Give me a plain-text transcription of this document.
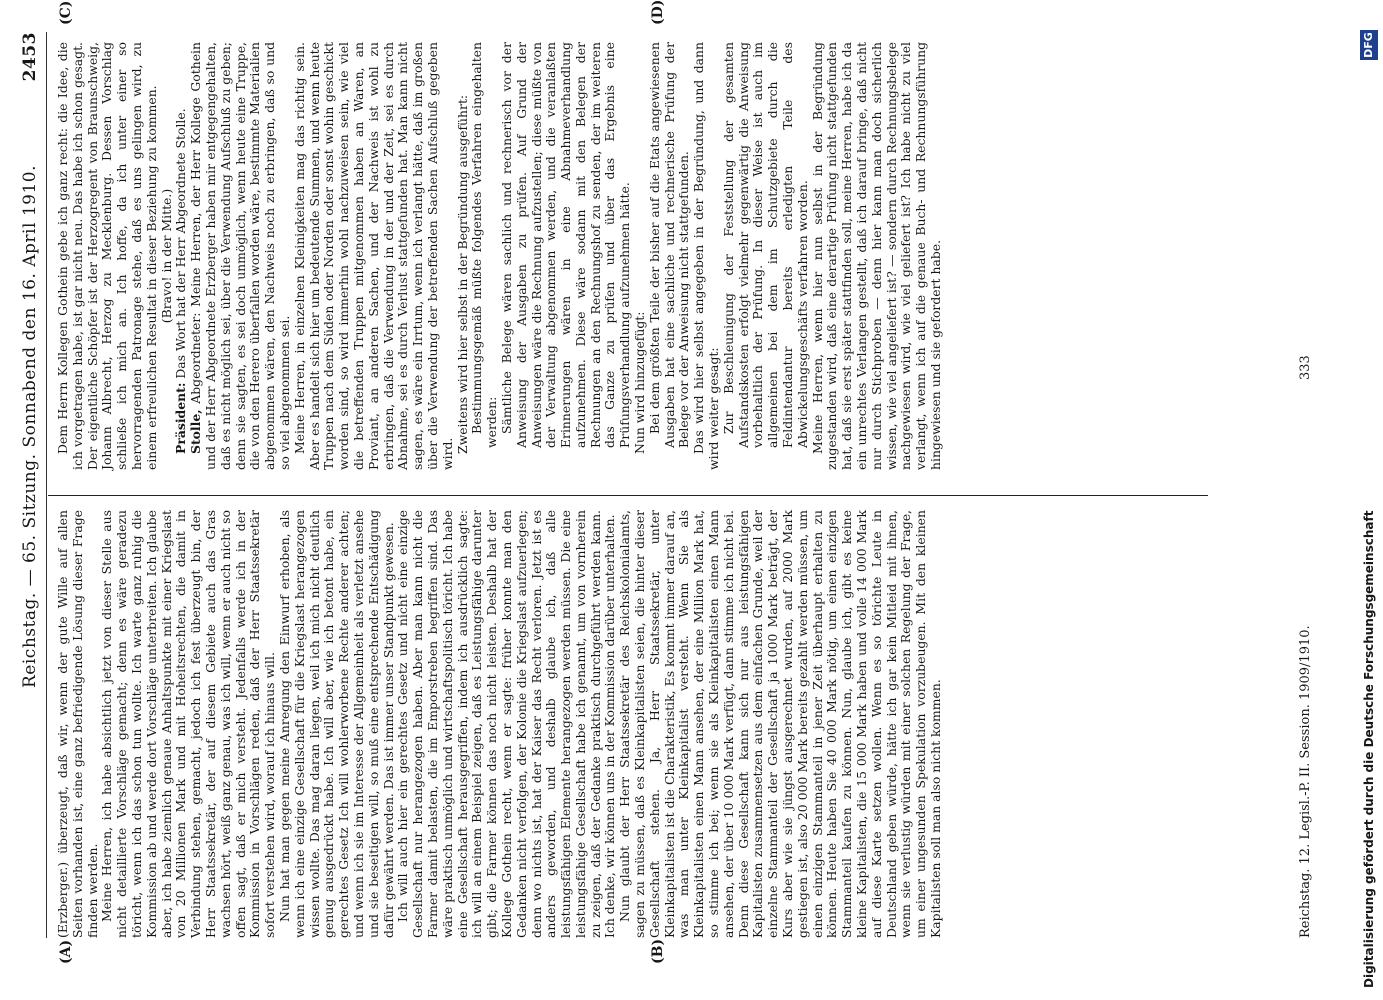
Reichstag. — 65. Sitzung. Sonnabend den 16. April 1910.
2453
(A)	(B)
(C)	(D)

(Erzberger.) überzeugt, daß wir, wenn der gute Wille auf allen Seiten vorhanden ist, eine ganz befriedigende Lösung dieser Frage finden werden. Meine Herren, ich habe absichtlich jetzt von dieser Stelle aus nicht detaillierte Vorschläge gemacht; denn es wäre geradezu töricht, wenn ich das schon tun wollte. Ich warte ganz ruhig die Kommission ab und werde dort Vorschläge unterbreiten. Ich glaube aber, ich habe ziemlich genaue Anhaltspunkte mit einer Kriegslast von 20 Millionen Mark und mit Hoheitsrechten, die damit in Verbindung stehen, gemacht, jedoch ich fest überzeugt bin, der Herr Staatssekretär, der auf diesem Gebiete auch das Gras wachsen hört, weiß ganz genau, was ich will, wenn er auch nicht so offen sagt, daß er mich versteht. Jedenfalls werde ich in der Kommission in Vorschlägen reden, daß der Herr Staatssekretär sofort verstehen wird, worauf ich hinaus will. Nun hat man gegen meine Anregung den Einwurf erhoben, als wenn ich eine einzige Gesellschaft für die Kriegslast herangezogen wissen wollte. Das mag daran liegen, weil ich mich nicht deutlich genug ausgedrückt habe. Ich will aber, wie ich betont habe, ein gerechtes Gesetz Ich will wohlerworbene Rechte anderer achten; und wenn ich sie im Interesse der Allgemeinheit als verletzt ansehe und sie beseitigen will, so muß eine entsprechende Entschädigung dafür gewährt werden. Das ist immer unser Standpunkt gewesen. Ich will auch hier ein gerechtes Gesetz und nicht eine einzige Gesellschaft nur herangezogen haben. Aber man kann nicht die Farmer damit belasten, die im Emporstreben begriffen sind. Das wäre praktisch unmöglich und wirtschaftspolitisch töricht. Ich habe eine Gesellschaft herausgegriffen, indem ich ausdrücklich sagte: ich will an einem Beispiel zeigen, daß es Leistungsfähige darunter gibt; die Farmer können das noch nicht leisten. Deshalb hat der Kollege Gothein recht, wenn er sagte: früher konnte man den Gedanken nicht verfolgen, der Kolonie die Kriegslast aufzuerlegen; denn wo nichts ist, hat der Kaiser das Recht verloren. Jetzt ist es anders geworden, und deshalb glaube ich, daß alle leistungsfähigen Elemente herangezogen werden müssen. Die eine leistungsfähige Gesellschaft habe ich genannt, um von vornherein zu zeigen, daß der Gedanke praktisch durchgeführt werden kann. Ich denke, wir können uns in der Kommission darüber unterhalten. Nun glaubt der Herr Staatssekretär des Reichskolonialamts, sagen zu müssen, daß es Kleinkapitalisten seien, die hinter dieser Gesellschaft stehen. Ja, Herr Staatssekretär, unter Kleinkapitalisten ist die Charakteristik, Es kommt immer darauf an, was man unter Kleinkapitalist versteht. Wenn Sie als Kleinkapitalisten einen Mann ansehen, der eine Million Mark hat, so stimme ich bei; wenn sie als Kleinkapitalisten einen Mann ansehen, der über 10 000 Mark verfügt, dann stimme ich nicht bei. Denn diese Gesellschaft kann sich nur aus leistungsfähigen Kapitalisten zusammensetzen aus dem einfachen Grunde, weil der einzelne Stammanteil der Gesellschaft ja 1000 Mark beträgt, der Kurs aber wie sie jüngst ausgerechnet wurden, auf 2000 Mark gestiegen ist, also 20 000 Mark bereits gezahlt werden müssen, um einen einzigen Stammanteil in jener Zeit überhaupt erhalten zu können. Heute haben Sie 40 000 Mark nötig, um einen einzigen Stammanteil kaufen zu können. Nun, glaube ich, gibt es keine kleine Kapitalisten, die 15 000 Mark haben und volle 14 000 Mark auf diese Karte setzen wollen. Wenn es so törichte Leute in Deutschland geben würde, hätte ich gar kein Mitleid mit ihnen, wenn sie verlustig würden mit einer solchen Regelung der Frage, um einer ungesunden Spekulation vorzubeugen. Mit den kleinen Kapitalisten soll man also nicht kommen.

Dem Herrn Kollegen Gothein gebe ich ganz recht: die Idee, die ich vorgetragen habe, ist gar nicht neu. Das habe ich schon gesagt. Der eigentliche Schöpfer ist der Herzogregent von Braunschweig, Johann Albrecht, Herzog zu Mecklenburg. Dessen Vorschlag schließe ich mich an. Ich hoffe, da ich unter einer so hervorragenden Patronage stehe, daß es uns gelingen wird, zu einem erfreulichen Resultat in dieser Beziehung zu kommen. (Bravo! in der Mitte.)

Präsident: Das Wort hat der Herr Abgeordnete Stolle.

Stolle, Abgeordneter: Meine Herren, der Herr Kollege Gothein und der Herr Abgeordnete Erzberger haben mir entgegengehalten, daß es nicht möglich sei, über die Verwendung Aufschluß zu geben; denn sie sagten, es sei doch unmöglich, wenn heute eine Truppe, die von den Herero überfallen worden wäre, bestimmte Materialien abgenommen wären, den Nachweis noch zu erbringen, daß so und so viel abgenommen sei. Meine Herren, in einzelnen Kleinigkeiten mag das richtig sein. Aber es handelt sich hier um bedeutende Summen, und wenn heute Truppen nach dem Süden oder Norden oder sonst wohin geschickt worden sind, so wird immerhin wohl nachzuweisen sein, wie viel die betreffenden Truppen mitgenommen haben an Waren, an Proviant, an anderen Sachen, und der Nachweis ist wohl zu erbringen, daß die Verwendung in der und der Zeit, sei es durch Abnahme, sei es durch Verlust stattgefunden hat. Man kann nicht sagen, es wäre ein Irrtum, wenn ich verlangt hätte, daß im großen über die Verwendung der betreffenden Sachen Aufschluß gegeben wird. Zweitens wird hier selbst in der Begründung ausgeführt: Bestimmungsgemäß müßte folgendes Verfahren eingehalten werden: Sämtliche Belege wären sachlich und rechnerisch vor der Anweisung der Ausgaben zu prüfen. Auf Grund der Anweisungen wäre die Rechnung aufzustellen; diese müßte von der Verwaltung abgenommen werden, und die veranlaßten Erinnerungen wären in eine Abnahmeverhandlung aufzunehmen. Diese wäre sodann mit den Belegen der Rechnungen an den Rechnungshof zu senden, der im weiteren das Ganze zu prüfen und über das Ergebnis eine Prüfungsverhandlung aufzunehmen hätte. Nun wird hinzugefügt: Bei dem größten Teile der bisher auf die Etats angewiesenen Ausgaben hat eine sachliche und rechnerische Prüfung der Belege vor der Anweisung nicht stattgefunden. Das wird hier selbst angegeben in der Begründung, und dann wird weiter gesagt: Zur Beschleunigung der Feststellung der gesamten Aufstandskosten erfolgt vielmehr gegenwärtig die Anweisung vorbehaltlich der Prüfung. In dieser Weise ist auch im allgemeinen bei dem im Schutzgebiete durch die Feldintendantur bereits erledigten Teile des Abwickelungsgeschäfts verfahren worden. Meine Herren, wenn hier nun selbst in der Begründung zugestanden wird, daß eine derartige Prüfung nicht stattgefunden hat, daß sie erst später stattfinden soll, meine Herren, habe ich da ein unrechtes Verlangen gestellt, daß ich darauf bringe, daß nicht nur durch Stichproben — denn hier kann man doch sicherlich wissen, wie viel angeliefert ist? — sondern durch Rechnungsbelege nachgewiesen wird, wie viel geliefert ist? Ich habe nicht zu viel verlangt, wenn ich auf die genaue Buch- und Rechnungsführung hingewiesen und sie gefordert habe.

Reichstag. 12. Legisl.-P. II. Session. 1909/1910.
333
Digitalisierung gefördert durch die Deutsche Forschungsgemeinschaft
DFG
